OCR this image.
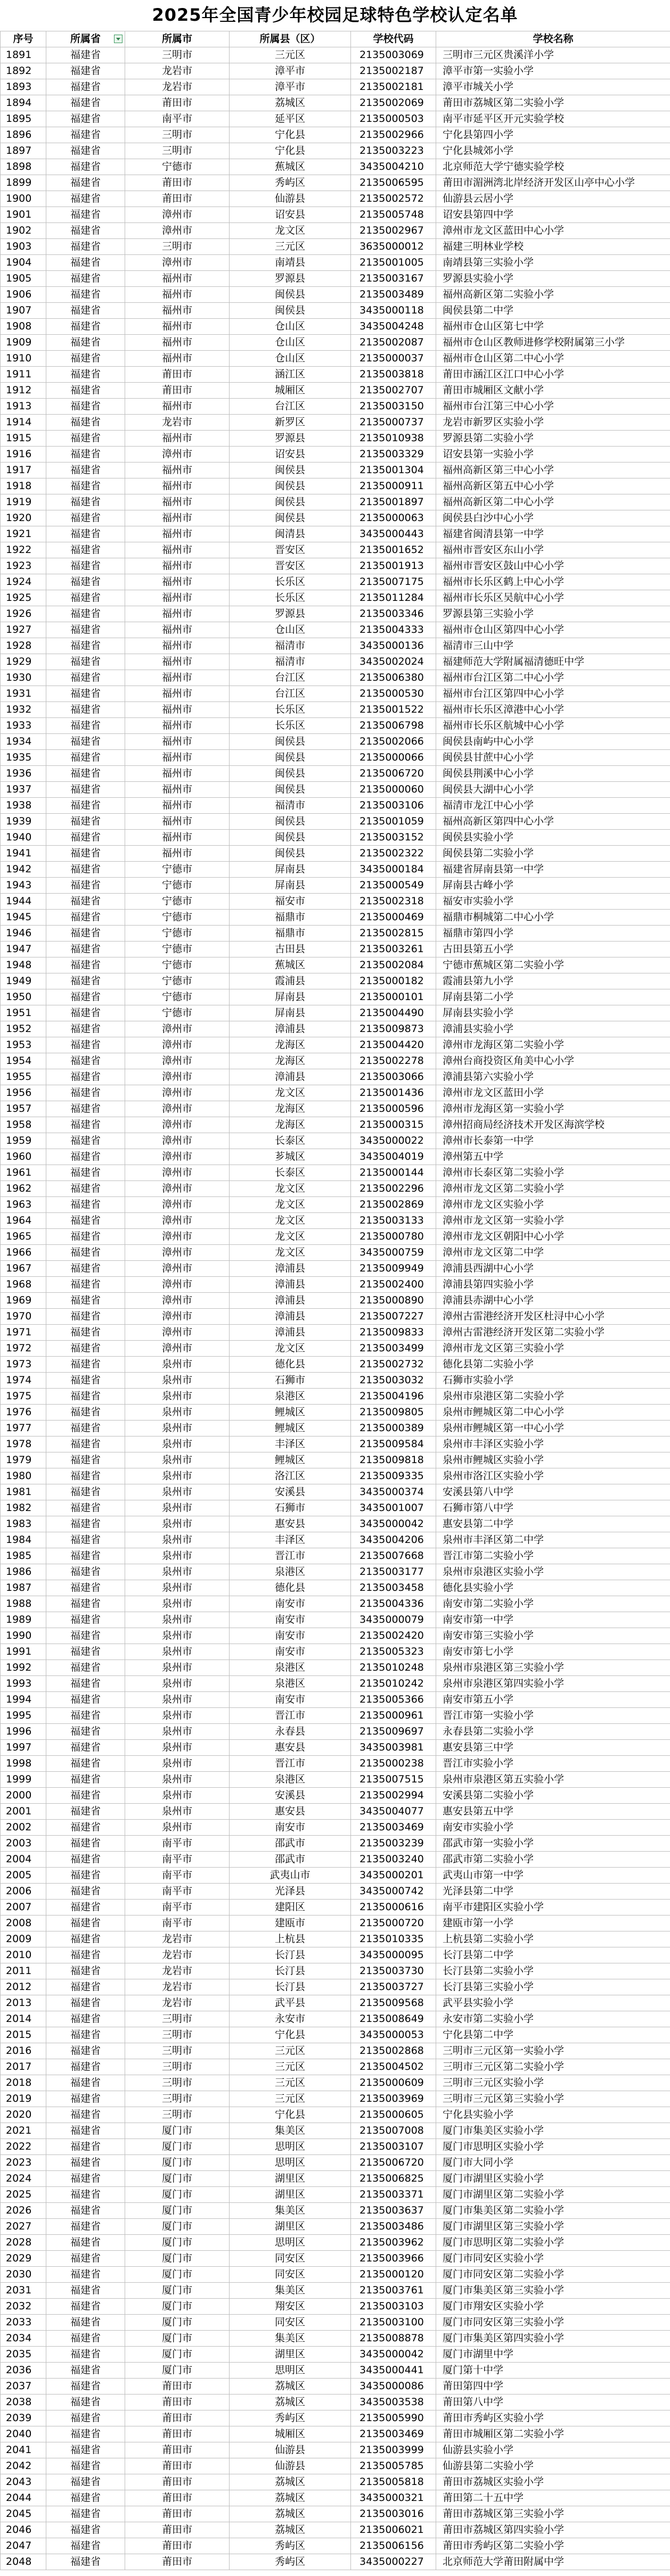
2025年全国青少年校园足球特色学校认定名单
序号	所属省	所属市	所属县（区）	学校代码	学校名称
1891	福建省	三明市	三元区	2135003069	三明市三元区贵溪洋小学
1892	福建省	龙岩市	漳平市	2135002187	漳平市第一实验小学
1893	福建省	龙岩市	漳平市	2135002181	漳平市城关小学
1894	福建省	莆田市	荔城区	2135002069	莆田市荔城区第二实验小学
1895	福建省	南平市	延平区	2135000503	南平市延平区开元实验学校
1896	福建省	三明市	宁化县	2135002966	宁化县第四小学
1897	福建省	三明市	宁化县	2135003223	宁化县城郊小学
1898	福建省	宁德市	蕉城区	3435004210	北京师范大学宁德实验学校
1899	福建省	莆田市	秀屿区	2135006595	莆田市湄洲湾北岸经济开发区山亭中心小学
1900	福建省	莆田市	仙游县	2135002572	仙游县云居小学
1901	福建省	漳州市	诏安县	2135005748	诏安县第四中学
1902	福建省	漳州市	龙文区	2135002967	漳州市龙文区蓝田中心小学
1903	福建省	三明市	三元区	3635000012	福建三明林业学校
1904	福建省	漳州市	南靖县	2135001005	南靖县第三实验小学
1905	福建省	福州市	罗源县	2135003167	罗源县实验小学
1906	福建省	福州市	闽侯县	2135003489	福州高新区第二实验小学
1907	福建省	福州市	闽侯县	3435000118	闽侯县第二中学
1908	福建省	福州市	仓山区	3435004248	福州市仓山区第七中学
1909	福建省	福州市	仓山区	2135002087	福州市仓山区教师进修学校附属第三小学
1910	福建省	福州市	仓山区	2135000037	福州市仓山区第二中心小学
1911	福建省	莆田市	涵江区	2135003818	莆田市涵江区江口中心小学
1912	福建省	莆田市	城厢区	2135002707	莆田市城厢区文献小学
1913	福建省	福州市	台江区	2135003150	福州市台江第三中心小学
1914	福建省	龙岩市	新罗区	2135000737	龙岩市新罗区实验小学
1915	福建省	福州市	罗源县	2135010938	罗源县第二实验小学
1916	福建省	漳州市	诏安县	2135003329	诏安县第一实验小学
1917	福建省	福州市	闽侯县	2135001304	福州高新区第三中心小学
1918	福建省	福州市	闽侯县	2135000911	福州高新区第五中心小学
1919	福建省	福州市	闽侯县	2135001897	福州高新区第二中心小学
1920	福建省	福州市	闽侯县	2135000063	闽侯县白沙中心小学
1921	福建省	福州市	闽清县	3435000443	福建省闽清县第一中学
1922	福建省	福州市	晋安区	2135001652	福州市晋安区东山小学
1923	福建省	福州市	晋安区	2135001913	福州市晋安区鼓山中心小学
1924	福建省	福州市	长乐区	2135007175	福州市长乐区鹤上中心小学
1925	福建省	福州市	长乐区	2135011284	福州市长乐区吴航中心小学
1926	福建省	福州市	罗源县	2135003346	罗源县第三实验小学
1927	福建省	福州市	仓山区	2135004333	福州市仓山区第四中心小学
1928	福建省	福州市	福清市	3435000136	福清市三山中学
1929	福建省	福州市	福清市	3435002024	福建师范大学附属福清德旺中学
1930	福建省	福州市	台江区	2135006380	福州市台江区第二中心小学
1931	福建省	福州市	台江区	2135000530	福州市台江区第四中心小学
1932	福建省	福州市	长乐区	2135001522	福州市长乐区漳港中心小学
1933	福建省	福州市	长乐区	2135006798	福州市长乐区航城中心小学
1934	福建省	福州市	闽侯县	2135002066	闽侯县南屿中心小学
1935	福建省	福州市	闽侯县	2135000066	闽侯县甘蔗中心小学
1936	福建省	福州市	闽侯县	2135006720	闽侯县荆溪中心小学
1937	福建省	福州市	闽侯县	2135000060	闽侯县大湖中心小学
1938	福建省	福州市	福清市	2135003106	福清市龙江中心小学
1939	福建省	福州市	闽侯县	2135001059	福州高新区第四中心小学
1940	福建省	福州市	闽侯县	2135003152	闽侯县实验小学
1941	福建省	福州市	闽侯县	2135002322	闽侯县第二实验小学
1942	福建省	宁德市	屏南县	3435000184	福建省屏南县第一中学
1943	福建省	宁德市	屏南县	2135000549	屏南县古峰小学
1944	福建省	宁德市	福安市	2135002318	福安市实验小学
1945	福建省	宁德市	福鼎市	2135000469	福鼎市桐城第二中心小学
1946	福建省	宁德市	福鼎市	2135002815	福鼎市第四小学
1947	福建省	宁德市	古田县	2135003261	古田县第五小学
1948	福建省	宁德市	蕉城区	2135002084	宁德市蕉城区第二实验小学
1949	福建省	宁德市	霞浦县	2135000182	霞浦县第九小学
1950	福建省	宁德市	屏南县	2135000101	屏南县第二小学
1951	福建省	宁德市	屏南县	2135004490	屏南县实验小学
1952	福建省	漳州市	漳浦县	2135009873	漳浦县实验小学
1953	福建省	漳州市	龙海区	2135004420	漳州市龙海区第二实验小学
1954	福建省	漳州市	龙海区	2135002278	漳州台商投资区角美中心小学
1955	福建省	漳州市	漳浦县	2135003066	漳浦县第六实验小学
1956	福建省	漳州市	龙文区	2135001436	漳州市龙文区蓝田小学
1957	福建省	漳州市	龙海区	2135000596	漳州市龙海区第一实验小学
1958	福建省	漳州市	龙海区	2135000315	漳州招商局经济技术开发区海滨学校
1959	福建省	漳州市	长泰区	3435000022	漳州市长泰第一中学
1960	福建省	漳州市	芗城区	3435004019	漳州第五中学
1961	福建省	漳州市	长泰区	2135000144	漳州市长泰区第二实验小学
1962	福建省	漳州市	龙文区	2135002296	漳州市龙文区第二实验小学
1963	福建省	漳州市	龙文区	2135002869	漳州市龙文区实验小学
1964	福建省	漳州市	龙文区	2135003133	漳州市龙文区第一实验小学
1965	福建省	漳州市	龙文区	2135000780	漳州市龙文区朝阳中心小学
1966	福建省	漳州市	龙文区	3435000759	漳州市龙文区第二中学
1967	福建省	漳州市	漳浦县	2135009949	漳浦县西湖中心小学
1968	福建省	漳州市	漳浦县	2135002400	漳浦县第四实验小学
1969	福建省	漳州市	漳浦县	2135000890	漳浦县赤湖中心小学
1970	福建省	漳州市	漳浦县	2135007227	漳州古雷港经济开发区杜浔中心小学
1971	福建省	漳州市	漳浦县	2135009833	漳州古雷港经济开发区第二实验小学
1972	福建省	漳州市	龙文区	2135003499	漳州市龙文区第三实验小学
1973	福建省	泉州市	德化县	2135002732	德化县第二实验小学
1974	福建省	泉州市	石狮市	2135003032	石狮市实验小学
1975	福建省	泉州市	泉港区	2135004196	泉州市泉港区第二实验小学
1976	福建省	泉州市	鲤城区	2135009805	泉州市鲤城区第二中心小学
1977	福建省	泉州市	鲤城区	2135000389	泉州市鲤城区第一中心小学
1978	福建省	泉州市	丰泽区	2135009584	泉州市丰泽区实验小学
1979	福建省	泉州市	鲤城区	2135009818	泉州市鲤城区实验小学
1980	福建省	泉州市	洛江区	2135009335	泉州市洛江区实验小学
1981	福建省	泉州市	安溪县	3435000374	安溪县第八中学
1982	福建省	泉州市	石狮市	3435001007	石狮市第八中学
1983	福建省	泉州市	惠安县	3435000042	惠安县第二中学
1984	福建省	泉州市	丰泽区	3435004206	泉州市丰泽区第二中学
1985	福建省	泉州市	晋江市	2135007668	晋江市第二实验小学
1986	福建省	泉州市	泉港区	2135003177	泉州市泉港区实验小学
1987	福建省	泉州市	德化县	2135003458	德化县实验小学
1988	福建省	泉州市	南安市	2135004336	南安市第二实验小学
1989	福建省	泉州市	南安市	3435000079	南安市第一中学
1990	福建省	泉州市	南安市	2135002420	南安市第三实验小学
1991	福建省	泉州市	南安市	2135005323	南安市第七小学
1992	福建省	泉州市	泉港区	2135010248	泉州市泉港区第三实验小学
1993	福建省	泉州市	泉港区	2135010242	泉州市泉港区第四实验小学
1994	福建省	泉州市	南安市	2135005366	南安市第五小学
1995	福建省	泉州市	晋江市	2135000961	晋江市第一实验小学
1996	福建省	泉州市	永春县	2135009697	永春县第二实验小学
1997	福建省	泉州市	惠安县	3435003981	惠安县第三中学
1998	福建省	泉州市	晋江市	2135000238	晋江市实验小学
1999	福建省	泉州市	泉港区	2135007515	泉州市泉港区第五实验小学
2000	福建省	泉州市	安溪县	2135002994	安溪县第二实验小学
2001	福建省	泉州市	惠安县	3435004077	惠安县第五中学
2002	福建省	泉州市	南安市	2135003469	南安市实验小学
2003	福建省	南平市	邵武市	2135003239	邵武市第一实验小学
2004	福建省	南平市	邵武市	2135003240	邵武市第二实验小学
2005	福建省	南平市	武夷山市	3435000201	武夷山市第一中学
2006	福建省	南平市	光泽县	3435000742	光泽县第二中学
2007	福建省	南平市	建阳区	2135000616	南平市建阳区实验小学
2008	福建省	南平市	建瓯市	2135000720	建瓯市第一小学
2009	福建省	龙岩市	上杭县	2135010335	上杭县第二实验小学
2010	福建省	龙岩市	长汀县	3435000095	长汀县第二中学
2011	福建省	龙岩市	长汀县	2135003730	长汀县第二实验小学
2012	福建省	龙岩市	长汀县	2135003727	长汀县第三实验小学
2013	福建省	龙岩市	武平县	2135009568	武平县实验小学
2014	福建省	三明市	永安市	2135008649	永安市第二实验小学
2015	福建省	三明市	宁化县	3435000053	宁化县第二中学
2016	福建省	三明市	三元区	2135002868	三明市三元区第一实验小学
2017	福建省	三明市	三元区	2135004502	三明市三元区第二实验小学
2018	福建省	三明市	三元区	2135000609	三明市三元区实验小学
2019	福建省	三明市	三元区	2135003969	三明市三元区第三实验小学
2020	福建省	三明市	宁化县	2135000605	宁化县实验小学
2021	福建省	厦门市	集美区	2135007008	厦门市集美区实验小学
2022	福建省	厦门市	思明区	2135003107	厦门市思明区实验小学
2023	福建省	厦门市	思明区	2135006720	厦门市大同小学
2024	福建省	厦门市	湖里区	2135006825	厦门市湖里区实验小学
2025	福建省	厦门市	湖里区	2135003371	厦门市湖里区第二实验小学
2026	福建省	厦门市	集美区	2135003637	厦门市集美区第二实验小学
2027	福建省	厦门市	湖里区	2135003486	厦门市湖里区第三实验小学
2028	福建省	厦门市	思明区	2135003962	厦门市思明区第二实验小学
2029	福建省	厦门市	同安区	2135003966	厦门市同安区实验小学
2030	福建省	厦门市	同安区	2135000120	厦门市同安区第二实验小学
2031	福建省	厦门市	集美区	2135003761	厦门市集美区第三实验小学
2032	福建省	厦门市	翔安区	2135003103	厦门市翔安区实验小学
2033	福建省	厦门市	同安区	2135003100	厦门市同安区第三实验小学
2034	福建省	厦门市	集美区	2135008878	厦门市集美区第四实验小学
2035	福建省	厦门市	湖里区	3435000042	厦门市湖里中学
2036	福建省	厦门市	思明区	3435000441	厦门第十中学
2037	福建省	莆田市	荔城区	3435000086	莆田第四中学
2038	福建省	莆田市	荔城区	3435003538	莆田第八中学
2039	福建省	莆田市	秀屿区	2135005990	莆田市秀屿区实验小学
2040	福建省	莆田市	城厢区	2135003469	莆田市城厢区第二实验小学
2041	福建省	莆田市	仙游县	2135003999	仙游县实验小学
2042	福建省	莆田市	仙游县	2135005785	仙游县第二实验小学
2043	福建省	莆田市	荔城区	2135005818	莆田市荔城区实验小学
2044	福建省	莆田市	荔城区	3435000321	莆田第二十五中学
2045	福建省	莆田市	荔城区	2135003016	莆田市荔城区第三实验小学
2046	福建省	莆田市	荔城区	2135006021	莆田市荔城区第四实验小学
2047	福建省	莆田市	秀屿区	2135006156	莆田市秀屿区第二实验小学
2048	福建省	莆田市	秀屿区	3435000227	北京师范大学莆田附属中学
